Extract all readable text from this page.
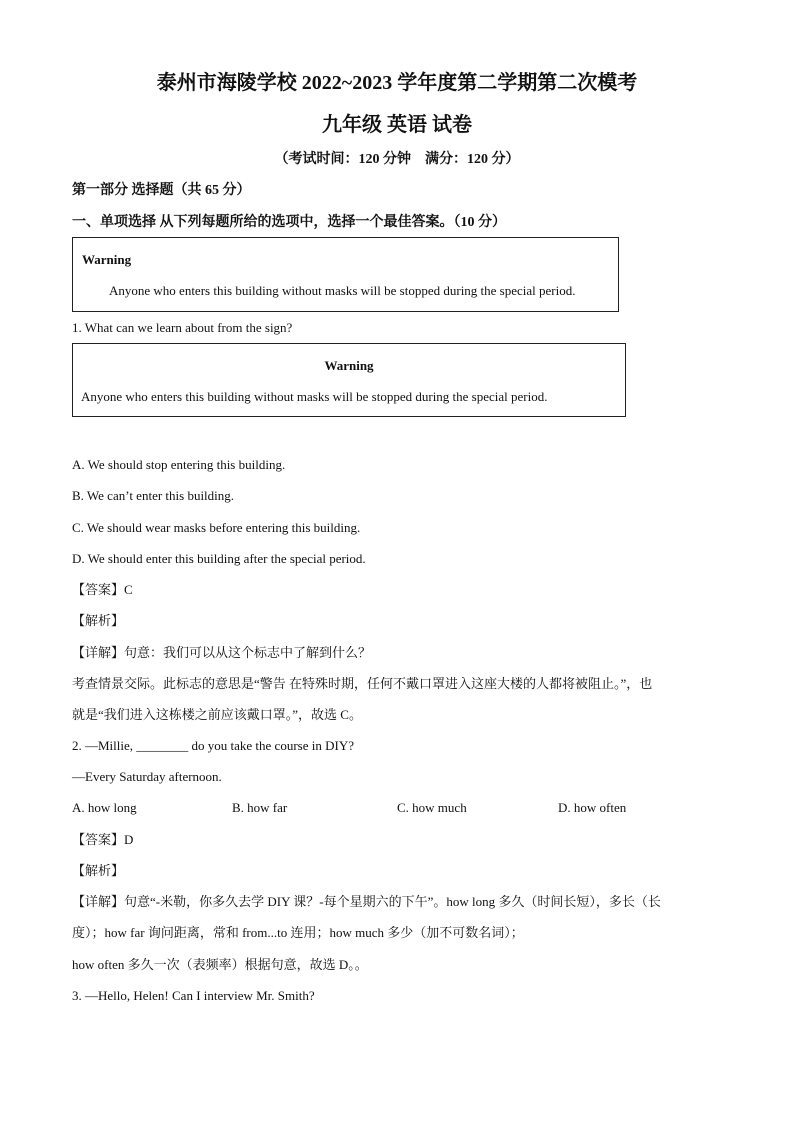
泰州市海陵学校 2022~2023 学年度第二学期第二次模考
九年级 英语 试卷
（考试时间：120 分钟　满分：120 分）
第一部分 选择题（共 65 分）
一、单项选择 从下列每题所给的选项中，选择一个最佳答案。（10 分）
Warning
Anyone who enters this building without masks will be stopped during the special period.
1. What can we learn about from the sign?
Warning
Anyone who enters this building without masks will be stopped during the special period.
A. We should stop entering this building.
B. We can’t enter this building.
C. We should wear masks before entering this building.
D. We should enter this building after the special period.
【答案】C
【解析】
【详解】句意：我们可以从这个标志中了解到什么？
考查情景交际。此标志的意思是“警告 在特殊时期，任何不戴口罩进入这座大楼的人都将被阻止。”，也
就是“我们进入这栋楼之前应该戴口罩。”，故选 C。
2. —Millie, ________ do you take the course in DIY?
—Every Saturday afternoon.
A. how long	B. how far	C. how much	D. how often
【答案】D
【解析】
【详解】句意“-米勒，你多久去学 DIY 课？-每个星期六的下午”。how long 多久（时间长短），多长（长
度）；how far 询问距离，常和 from...to 连用；how much 多少（加不可数名词）；
how often 多久一次（表频率）根据句意，故选 D。。
3. —Hello, Helen! Can I interview Mr. Smith?
